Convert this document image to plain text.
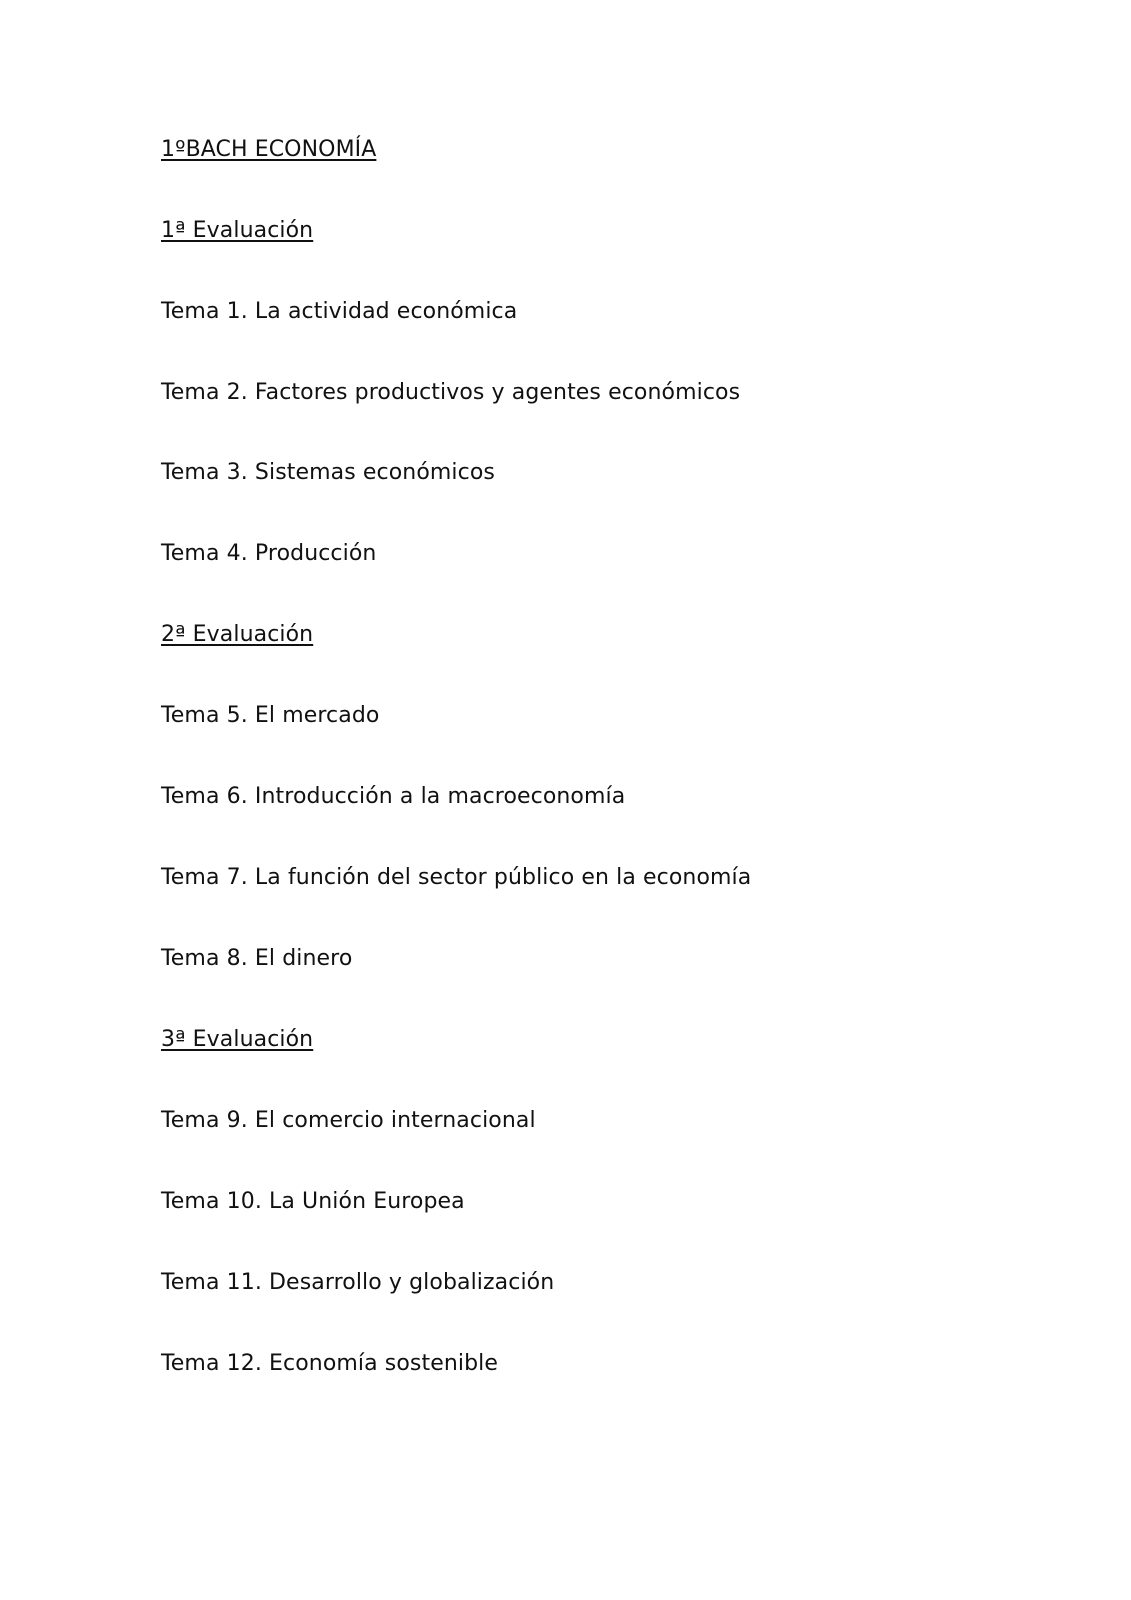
1ºBACH ECONOMÍA
1ª Evaluación
Tema 1. La actividad económica
Tema 2. Factores productivos y agentes económicos
Tema 3. Sistemas económicos
Tema 4. Producción
2ª Evaluación
Tema 5. El mercado
Tema 6. Introducción a la macroeconomía
Tema 7. La función del sector público en la economía
Tema 8. El dinero
3ª Evaluación
Tema 9. El comercio internacional
Tema 10. La Unión Europea
Tema 11. Desarrollo y globalización
Tema 12. Economía sostenible
